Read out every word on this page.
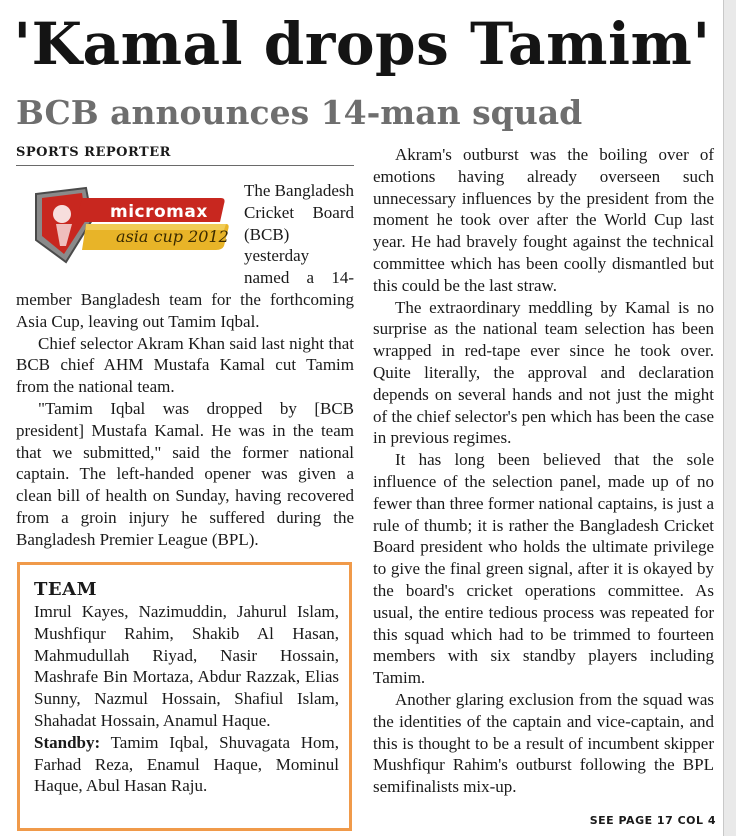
'Kamal drops Tamim'
BCB announces 14-man squad
SPORTS REPORTER
micromax
asia cup 2012

The Bangladesh Cricket Board (BCB) yesterday named a 14-member Bangladesh team for the forthcoming Asia Cup, leaving out Tamim Iqbal.

Chief selector Akram Khan said last night that BCB chief AHM Mustafa Kamal cut Tamim from the national team.

"Tamim Iqbal was dropped by [BCB president] Mustafa Kamal. He was in the team that we submitted," said the former national captain. The left-handed opener was given a clean bill of health on Sunday, having recovered from a groin injury he suffered during the Bangladesh Premier League (BPL).

TEAM

Imrul Kayes, Nazimuddin, Jahurul Islam, Mushfiqur Rahim, Shakib Al Hasan, Mahmudullah Riyad, Nasir Hossain, Mashrafe Bin Mortaza, Abdur Razzak, Elias Sunny, Nazmul Hossain, Shafiul Islam, Shahadat Hossain, Anamul Haque.

Standby: Tamim Iqbal, Shuvagata Hom, Farhad Reza, Enamul Haque, Mominul Haque, Abul Hasan Raju.

Akram's outburst was the boiling over of emotions having already overseen such unnecessary influences by the president from the moment he took over after the World Cup last year. He had bravely fought against the technical committee which has been coolly dismantled but this could be the last straw.

The extraordinary meddling by Kamal is no surprise as the national team selection has been wrapped in red-tape ever since he took over. Quite literally, the approval and declaration depends on several hands and not just the might of the chief selector's pen which has been the case in previous regimes.

It has long been believed that the sole influence of the selection panel, made up of no fewer than three former national captains, is just a rule of thumb; it is rather the Bangladesh Cricket Board president who holds the ultimate privilege to give the final green signal, after it is okayed by the board's cricket operations committee. As usual, the entire tedious process was repeated for this squad which had to be trimmed to fourteen members with six standby players including Tamim.

Another glaring exclusion from the squad was the identities of the captain and vice-captain, and this is thought to be a result of incumbent skipper Mushfiqur Rahim's outburst following the BPL semifinalists mix-up.

SEE PAGE 17 COL 4
